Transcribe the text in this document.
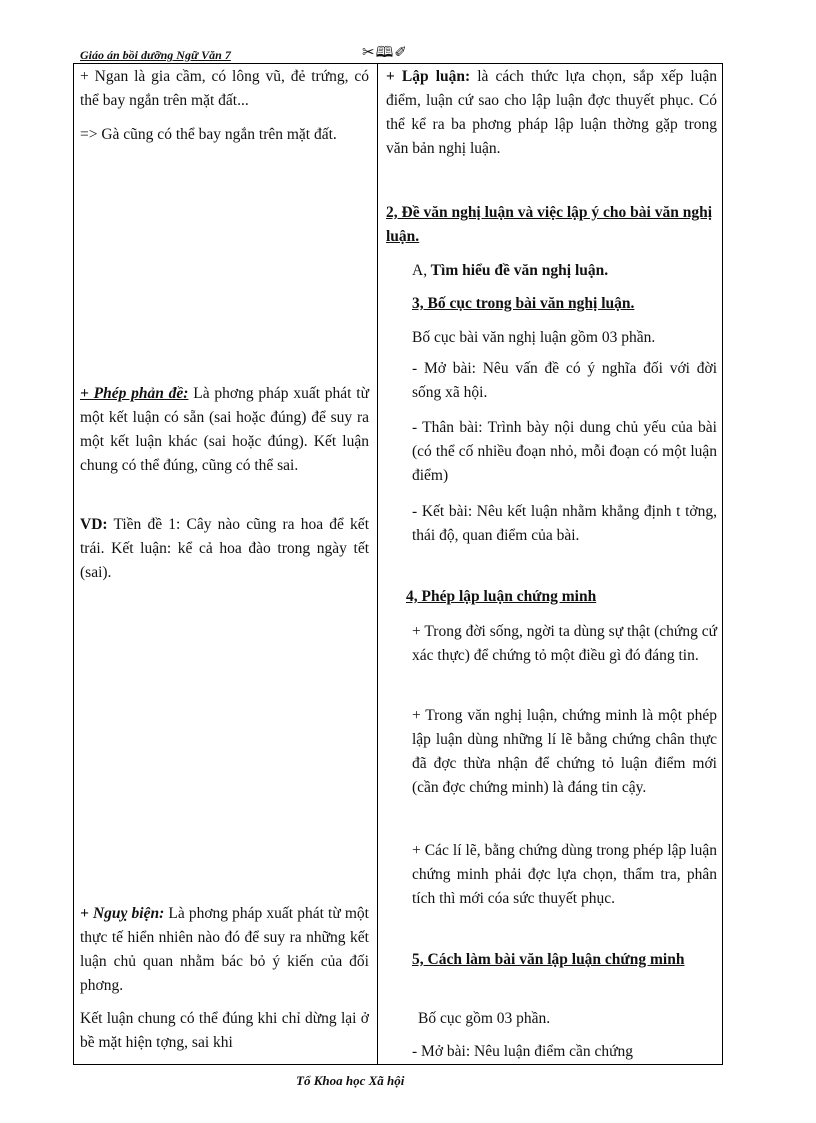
Giáo án bồi dưỡng Ngữ Văn 7	✂🕮✐

+ Ngan là gia cầm, có lông vũ, đẻ trứng, có thể bay ngắn trên mặt đất...

=> Gà cũng có thể bay ngắn trên mặt đất.

+ Phép phản đề: Là phơng pháp xuất phát từ một kết luận có sẵn (sai hoặc đúng) để suy ra một kết luận khác (sai hoặc đúng). Kết luận chung có thể đúng, cũng có thể sai.

VD: Tiền đề 1: Cây nào cũng ra hoa để kết trái. Kết luận: kể cả hoa đào trong ngày tết (sai).

+ Nguỵ biện: Là phơng pháp xuất phát từ một thực tế hiển nhiên nào đó để suy ra những kết luận chủ quan nhằm bác bỏ ý kiến của đối phơng.

Kết luận chung có thể đúng khi chỉ dừng lại ở bề mặt hiện tợng, sai khi

+ Lập luận: là cách thức lựa chọn, sắp xếp luận điểm, luận cứ sao cho lập luận đợc thuyết phục. Có thể kể ra ba phơng pháp lập luận thờng gặp trong văn bản nghị luận.

2, Đề văn nghị luận và việc lập ý cho bài văn nghị luận.

A, Tìm hiểu đề văn nghị luận.

3, Bố cục trong bài văn nghị luận.

Bố cục bài văn nghị luận gồm 03 phần.

- Mở bài: Nêu vấn đề có ý nghĩa đối với đời sống xã hội.

- Thân bài: Trình bày nội dung chủ yếu của bài (có thể cố nhiều đoạn nhỏ, mỗi đoạn có một luận điểm)

- Kết bài: Nêu kết luận nhằm khẳng định t tởng, thái độ, quan điểm của bài.

4, Phép lập luận chứng minh

+ Trong đời sống, ngời ta dùng sự thật (chứng cứ xác thực) để chứng tỏ một điều gì đó đáng tin.

+ Trong văn nghị luận, chứng minh là một phép lập luận dùng những lí lẽ bằng chứng chân thực đã đợc thừa nhận để chứng tỏ luận điểm mới (cần đợc chứng minh) là đáng tin cậy.

+ Các lí lẽ, bằng chứng dùng trong phép lập luận chứng minh phải đợc lựa chọn, thẩm tra, phân tích thì mới cóa sức thuyết phục.

5, Cách làm bài văn lập luận chứng minh

Bố cục gồm 03 phần.

- Mở bài: Nêu luận điểm cần chứng

Tổ Khoa học Xã hội
